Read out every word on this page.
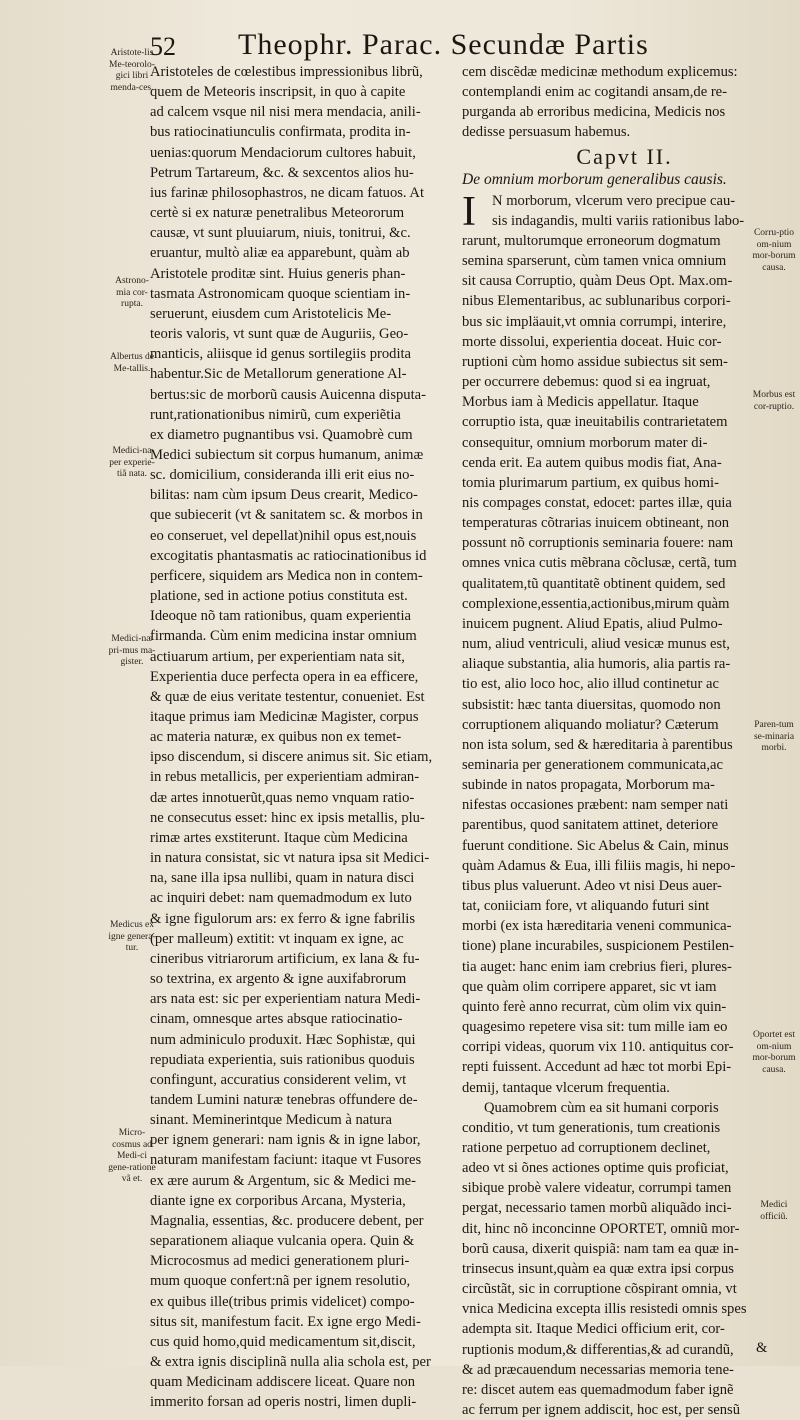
52 Theophr. Parac. Secundæ Partis
Aristoteles de cœlestibus impressionibus librũ,
quem de Meteoris inscripsit, in quo à capite
ad calcem vsque nil nisi mera mendacia, anili-
bus ratiocinatiunculis confirmata, prodita in-
uenias:quorum Mendaciorum cultores habuit,
Petrum Tartareum, &c. & sexcentos alios hu-
ius farinæ philosophastros, ne dicam fatuos. At
certè si ex naturæ penetralibus Meteororum
causæ, vt sunt pluuiarum, niuis, tonitrui, &c.
eruantur, multò aliæ ea apparebunt, quàm ab
Aristotele proditæ sint. Huius generis phan-
tasmata Astronomicam quoque scientiam in-
seruerunt, eiusdem cum Aristotelicis Me-
teoris valoris, vt sunt quæ de Auguriis, Geo-
manticis, aliisque id genus sortilegiis prodita
habentur.Sic de Metallorum generatione Al-
bertus:sic de morborũ causis Auicenna disputa-
runt,rationationibus nimirũ, cum experiẽtia
ex diametro pugnantibus vsi. Quamobrè cum
Medici subiectum sit corpus humanum, animæ
sc. domicilium, consideranda illi erit eius no-
bilitas: nam cùm ipsum Deus crearit, Medico-
que subiecerit (vt & sanitatem sc. & morbos in
eo conseruet, vel depellat)nihil opus est,nouis
excogitatis phantasmatis ac ratiocinationibus id
perficere, siquidem ars Medica non in contem-
platione, sed in actione potius constituta est.
Ideoque nõ tam rationibus, quam experientia
firmanda. Cùm enim medicina instar omnium
actiuarum artium, per experientiam nata sit,
Experientia duce perfecta opera in ea efficere,
& quæ de eius veritate testentur, conueniet. Est
itaque primus iam Medicinæ Magister, corpus
ac materia naturæ, ex quibus non ex temet-
ipso discendum, si discere animus sit. Sic etiam,
in rebus metallicis, per experientiam admiran-
dæ artes innotuerũt,quas nemo vnquam ratio-
ne consecutus esset: hinc ex ipsis metallis, plu-
rimæ artes exstiterunt. Itaque cùm Medicina
in natura consistat, sic vt natura ipsa sit Medici-
na, sane illa ipsa nullibi, quam in natura disci
ac inquiri debet: nam quemadmodum ex luto
& igne figulorum ars: ex ferro & igne fabrilis
(per malleum) extitit: vt inquam ex igne, ac
cineribus vitriarorum artificium, ex lana & fu-
so textrina, ex argento & igne auxifabrorum
ars nata est: sic per experientiam natura Medi-
cinam, omnesque artes absque ratiocinatio-
num adminiculo produxit. Hæc Sophistæ, qui
repudiata experientia, suis rationibus quoduis
confingunt, accuratius considerent velim, vt
tandem Lumini naturæ tenebras offundere de-
sinant. Meminerintque Medicum à natura
per ignem generari: nam ignis & in igne labor,
naturam manifestam faciunt: itaque vt Fusores
ex ære aurum & Argentum, sic & Medici me-
diante igne ex corporibus Arcana, Mysteria,
Magnalia, essentias, &c. producere debent, per
separationem aliaque vulcania opera. Quin &
Microcosmus ad medici generationem pluri-
mum quoque confert:nã per ignem resolutio,
ex quibus ille(tribus primis videlicet) compo-
situs sit, manifestum facit. Ex igne ergo Medi-
cus quid homo,quid medicamentum sit,discit,
& extra ignis disciplinã nulla alia schola est, per
quam Medicinam addiscere liceat. Quare non
immerito forsan ad operis nostri, limen dupli-
cem discẽdæ medicinæ methodum explicemus:
contemplandi enim ac cogitandi ansam,de re-
purganda ab erroribus medicina, Medicis nos
dedisse persuasum habemus.
Capvt II.
De omnium morborum generalibus causis.
I N morborum, vlcerum vero precipue cau-
sis indagandis, multi variis rationibus labo-
rarunt, multorumque erroneorum dogmatum
semina sparserunt, cùm tamen vnica omnium
sit causa Corruptio, quàm Deus Opt. Max.om-
nibus Elementaribus, ac sublunaribus corpori-
bus sic impläauit,vt omnia corrumpi, interire,
morte dissolui, experientia doceat. Huic cor-
ruptioni cùm homo assidue subiectus sit sem-
per occurrere debemus: quod si ea ingruat,
Morbus iam à Medicis appellatur. Itaque
corruptio ista, quæ ineuitabilis contrarietatem
consequitur, omnium morborum mater di-
cenda erit. Ea autem quibus modis fiat, Ana-
tomia plurimarum partium, ex quibus homi-
nis compages constat, edocet: partes illæ, quia
temperaturas cõtrarias inuicem obtineant, non
possunt nõ corruptionis seminaria fouere: nam
omnes vnica cutis mẽbrana cõclusæ, certã, tum
qualitatem,tũ quantitatẽ obtinent quidem, sed
complexione,essentia,actionibus,mirum quàm
inuicem pugnent. Aliud Epatis, aliud Pulmo-
num, aliud ventriculi, aliud vesicæ munus est,
aliaque substantia, alia humoris, alia partis ra-
tio est, alio loco hoc, alio illud continetur ac
subsistit: hæc tanta diuersitas, quomodo non
corruptionem aliquando moliatur? Cæterum
non ista solum, sed & hæreditaria à parentibus
seminaria per generationem communicata,ac
subinde in natos propagata, Morborum ma-
nifestas occasiones præbent: nam semper nati
parentibus, quod sanitatem attinet, deteriore
fuerunt conditione. Sic Abelus & Cain, minus
quàm Adamus & Eua, illi filiis magis, hi nepo-
tibus plus valuerunt. Adeo vt nisi Deus auer-
tat, coniiciam fore, vt aliquando futuri sint
morbi (ex ista hæreditaria veneni communica-
tione) plane incurabiles, suspicionem Pestilen-
tia auget: hanc enim iam crebrius fieri, plures-
que quàm olim corripere apparet, sic vt iam
quinto ferè anno recurrat, cùm olim vix quin-
quagesimo repetere visa sit: tum mille iam eo
corripi videas, quorum vix 110. antiquitus cor-
repti fuissent. Accedunt ad hæc tot morbi Epi-
demij, tantaque vlcerum frequentia.
Quamobrem cùm ea sit humani corporis
conditio, vt tum generationis, tum creationis
ratione perpetuo ad corruptionem declinet,
adeo vt si õnes actiones optime quis proficiat,
sibique probè valere videatur, corrumpi tamen
pergat, necessario tamen morbũ aliquãdo inci-
dit, hinc nõ inconcinne OPORTET, omniũ mor-
borũ causa, dixerit quispiã: nam tam ea quæ in-
trinsecus insunt,quàm ea quæ extra ipsi corpus
circũstãt, sic in corruptione cõspirant omnia, vt
vnica Medicina excepta illis resistedi omnis spes
adempta sit. Itaque Medici officium erit, cor-
ruptionis modum,& differentias,& ad curandũ,
& ad præcauendum necessarias memoria tene-
re: discet autem eas quemadmodum faber ignẽ
ac ferrum per ignem addiscit, hoc est, per sensũ
Aristote-lis Me-teorolo-gici libri menda-ces.
Astrono-mia cor-rupta.
Albertus de Me-tallis.
Medici-na per experie-tiã nata.
Medici-næ pri-mus ma-gister.
Medicus ex igne genera-tur.
Micro-cosmus ad Medi-ci gene-ratione vã et.
Corru-ptio om-nium mor-borum causa.
Morbus est cor-ruptio.
Paren-tum se-minaria morbi.
Oportet est om-nium mor-borum causa.
Medici officiũ.
&
